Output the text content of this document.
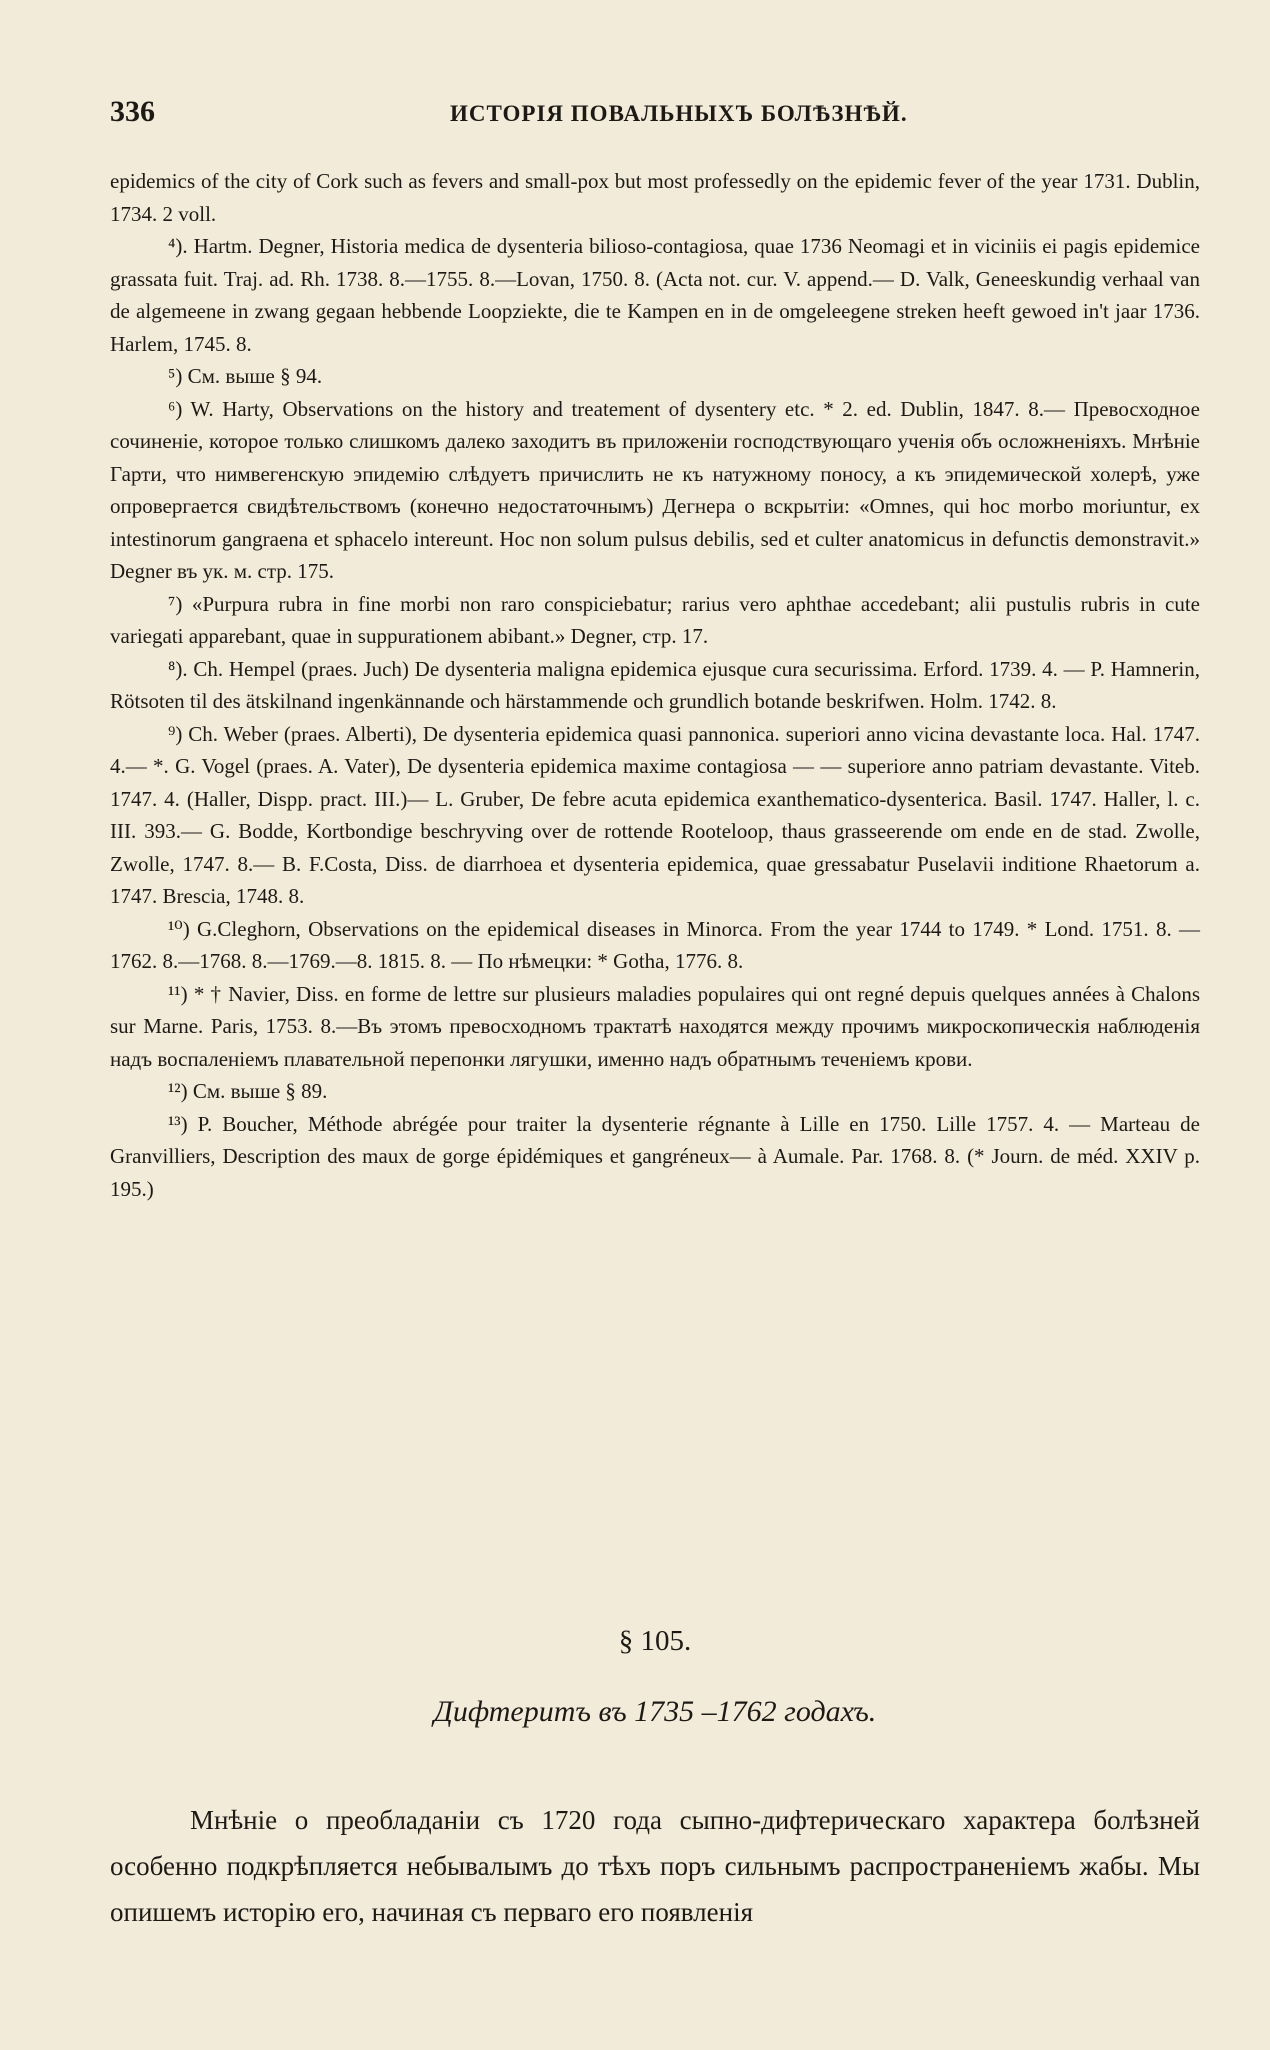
336	ИСТОРІЯ ПОВАЛЬНЫХЪ БОЛѢЗНѢЙ.

epidemics of the city of Cork such as fevers and small-pox but most professedly on the epidemic fever of the year 1731. Dublin, 1734. 2 voll.

⁴). Hartm. Degner, Historia medica de dysenteria bilioso-contagiosa, quae 1736 Neomagi et in viciniis ei pagis epidemice grassata fuit. Traj. ad. Rh. 1738. 8.—1755. 8.—Lovan, 1750. 8. (Acta not. cur. V. append.— D. Valk, Geneeskundig verhaal van de algemeene in zwang gegaan hebbende Loopziekte, die te Kampen en in de omgeleegene streken heeft gewoed in't jaar 1736. Harlem, 1745. 8.

⁵) См. выше § 94.

⁶) W. Harty, Observations on the history and treatement of dysentery etc. * 2. ed. Dublin, 1847. 8.— Превосходное сочиненіе, которое только слишкомъ далеко заходитъ въ приложеніи господствующаго ученія объ осложненіяхъ. Мнѣніе Гарти, что нимвегенскую эпидемію слѣдуетъ причислить не къ натужному поносу, а къ эпидемической холерѣ, уже опровергается свидѣтельствомъ (конечно недостаточнымъ) Дегнера о вскрытіи: «Omnes, qui hoc morbo moriuntur, ex intestinorum gangraena et sphacelo intereunt. Hoc non solum pulsus debilis, sed et culter anatomicus in defunctis demonstravit.» Degner въ ук. м. стр. 175.

⁷) «Purpura rubra in fine morbi non raro conspiciebatur; rarius vero aphthae accedebant; alii pustulis rubris in cute variegati apparebant, quae in suppurationem abibant.» Degner, стр. 17.

⁸). Ch. Hempel (praes. Juch) De dysenteria maligna epidemica ejusque cura securissima. Erford. 1739. 4. — P. Hamnerin, Rötsoten til des ätskilnand ingenkännande och härstammende och grundlich botande beskrifwen. Holm. 1742. 8.

⁹) Ch. Weber (praes. Alberti), De dysenteria epidemica quasi pannonica. superiori anno vicina devastante loca. Hal. 1747. 4.— *. G. Vogel (praes. A. Vater), De dysenteria epidemica maxime contagiosa — — superiore anno patriam devastante. Viteb. 1747. 4. (Haller, Dispp. pract. III.)— L. Gruber, De febre acuta epidemica exanthematico-dysenterica. Basil. 1747. Haller, l. c. III. 393.— G. Bodde, Kortbondige beschryving over de rottende Rooteloop, thaus grasseerende om ende en de stad. Zwolle, Zwolle, 1747. 8.— B. F.Costa, Diss. de diarrhoea et dysenteria epidemica, quae gressabatur Puselavii inditione Rhaetorum a. 1747. Brescia, 1748. 8.

¹⁰) G.Cleghorn, Observations on the epidemical diseases in Minorca. From the year 1744 to 1749. * Lond. 1751. 8. — 1762. 8.—1768. 8.—1769.—8. 1815. 8. — По нѣмецки: * Gotha, 1776. 8.

¹¹) * † Navier, Diss. en forme de lettre sur plusieurs maladies populaires qui ont regné depuis quelques années à Chalons sur Marne. Paris, 1753. 8.—Въ этомъ превосходномъ трактатѣ находятся между прочимъ микроскопическія наблюденія надъ воспаленіемъ плавательной перепонки лягушки, именно надъ обратнымъ теченіемъ крови.

¹²) См. выше § 89.

¹³) P. Boucher, Méthode abrégée pour traiter la dysenterie régnante à Lille en 1750. Lille 1757. 4. — Marteau de Granvilliers, Description des maux de gorge épidémiques et gangréneux— à Aumale. Par. 1768. 8. (* Journ. de méd. XXIV p. 195.)

§ 105.
Дифтеритъ въ 1735 –1762 годахъ.

Мнѣніе о преобладаніи съ 1720 года сыпно-дифтерическаго характера болѣзней особенно подкрѣпляется небывалымъ до тѣхъ поръ сильнымъ распространеніемъ жабы. Мы опишемъ исторію его, начиная съ перваго его появленія
